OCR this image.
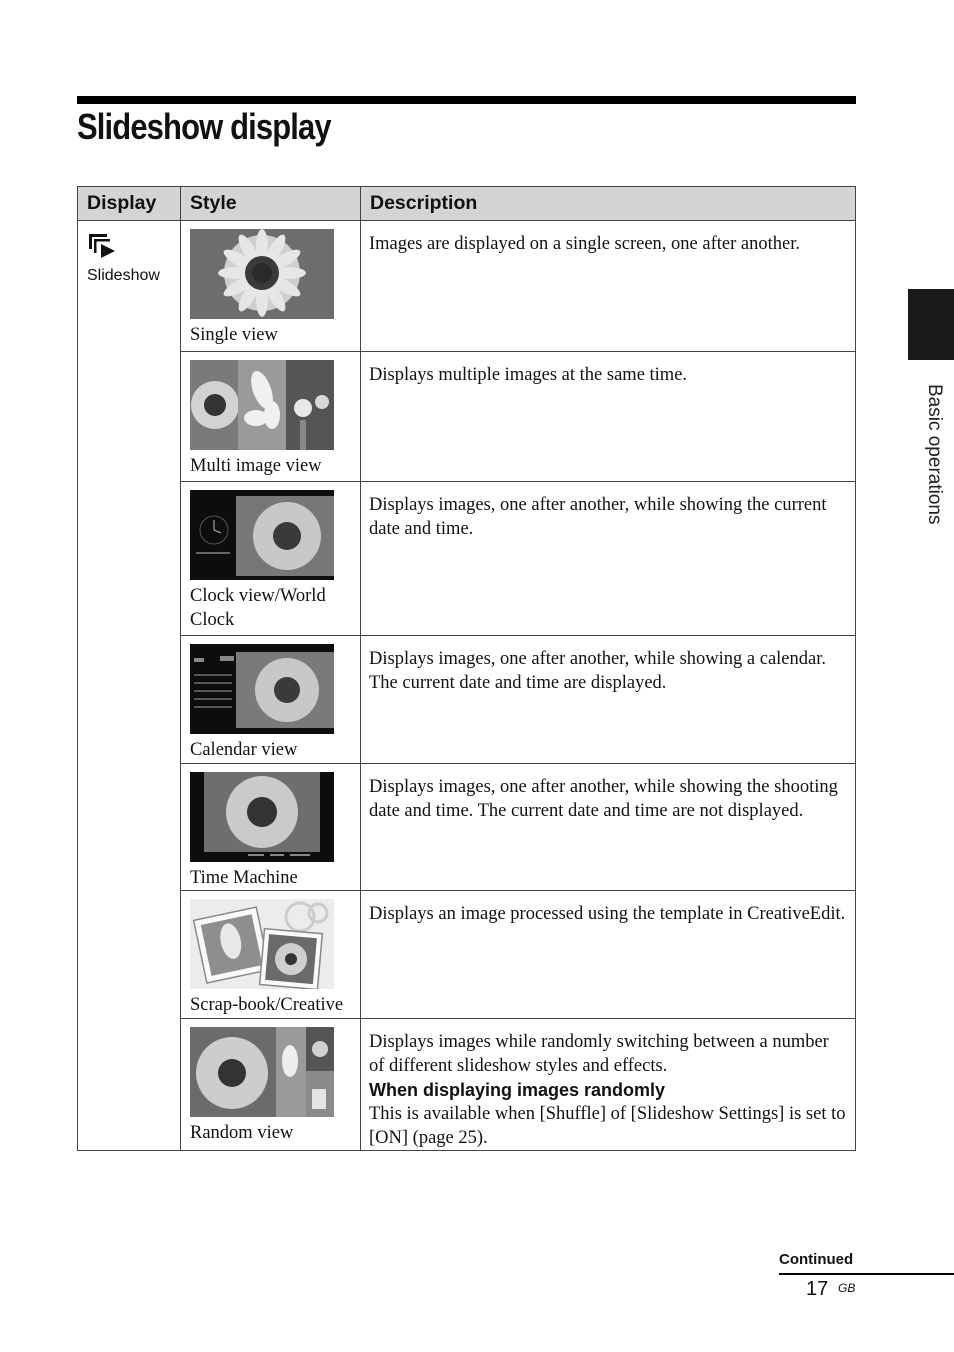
Slideshow display
Display	Style	Description

Slideshow	Single view	Images are displayed on a single screen, one after another.

	Multi image view	Displays multiple images at the same time.

	Clock view/World Clock	Displays images, one after another, while showing the current date and time.

	Calendar view	Displays images, one after another, while showing a calendar. The current date and time are displayed.

	Time Machine	Displays images, one after another, while showing the shooting date and time. The current date and time are not displayed.

	Scrap-book/Creative	Displays an image processed using the template in CreativeEdit.

	Random view	Displays images while randomly switching between a number of different slideshow styles and effects.
When displaying images randomly
This is available when [Shuffle] of [Slideshow Settings] is set to [ON] (page 25).
Basic operations
Continued
17 GB
